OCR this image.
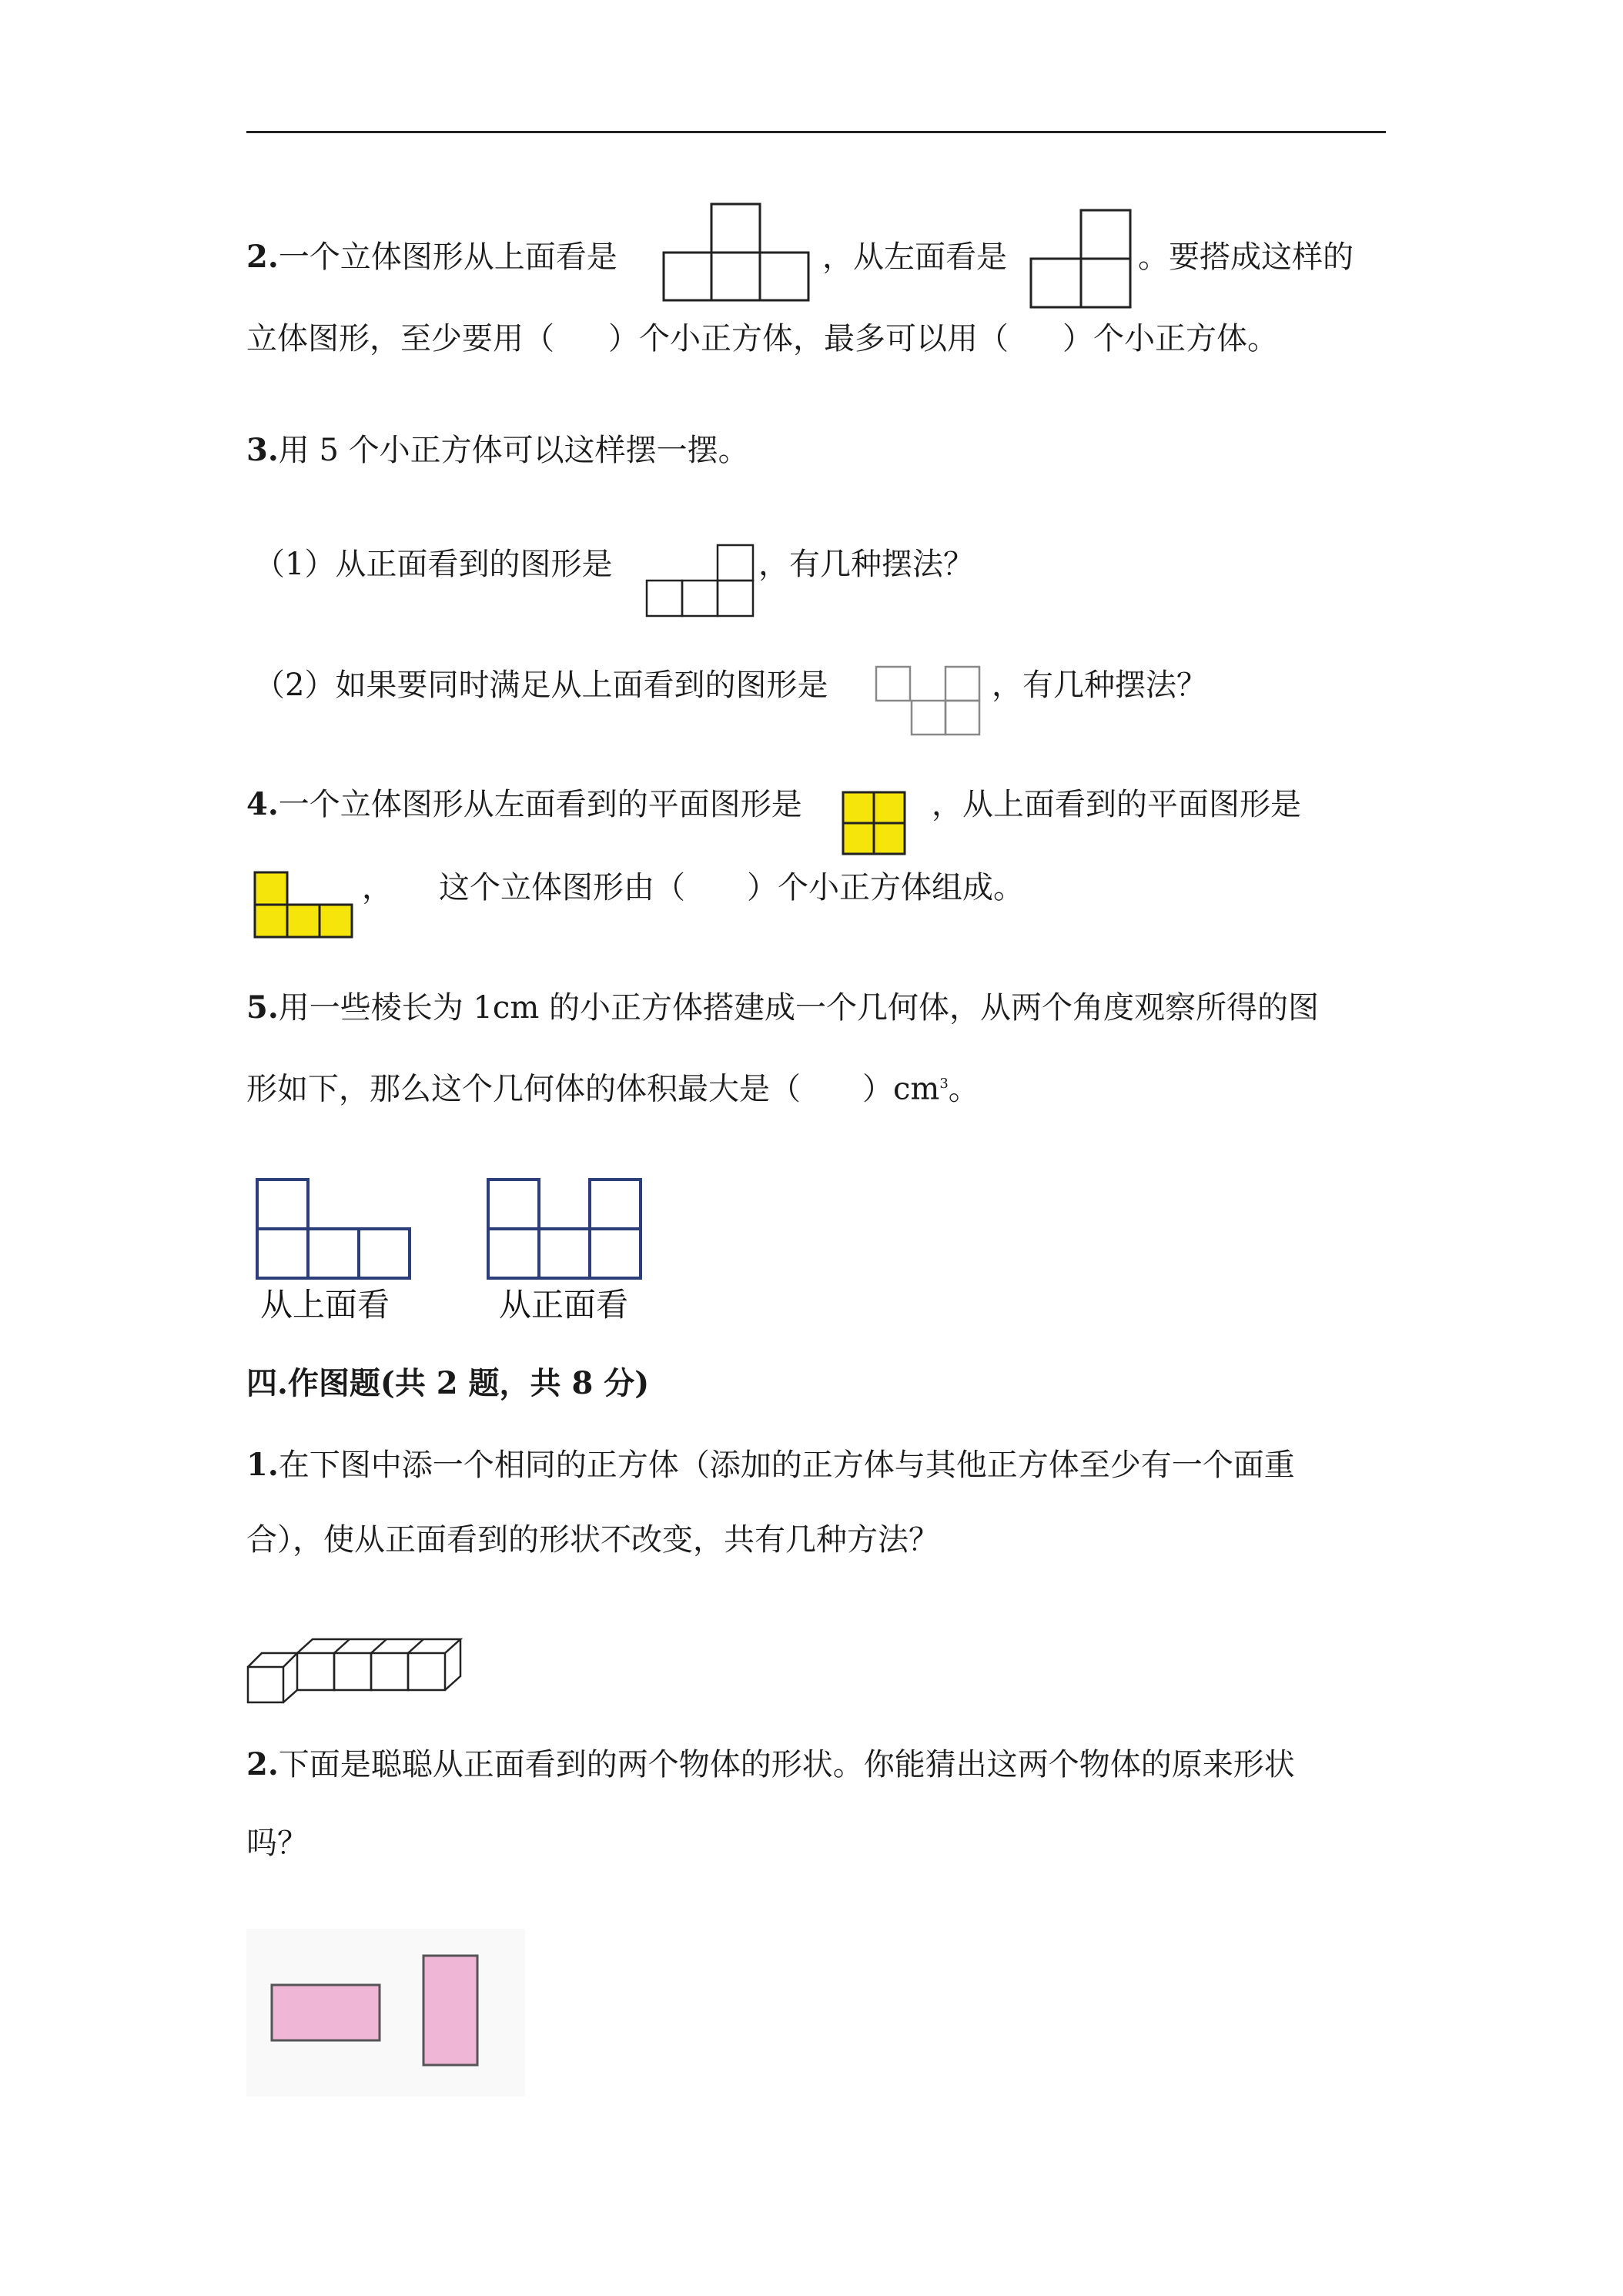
2.一个立体图形从上面看是	，从左面看是	。要搭成这样的
立体图形，至少要用（ ）个小正方体，最多可以用（ ）个小正方体。
3.用 5 个小正方体可以这样摆一摆。
（1）从正面看到的图形是	，有几种摆法？
（2）如果要同时满足从上面看到的图形是	，有几种摆法？
4.一个立体图形从左面看到的平面图形是	，从上面看到的平面图形是
， 这个立体图形由（ ）个小正方体组成。
5.用一些棱长为 1cm 的小正方体搭建成一个几何体，从两个角度观察所得的图
形如下，那么这个几何体的体积最大是（ ）$cm^3$。
从上面看	从正面看
四.作图题(共 2 题，共 8 分)
1.在下图中添一个相同的正方体（添加的正方体与其他正方体至少有一个面重
合），使从正面看到的形状不改变，共有几种方法？
2.下面是聪聪从正面看到的两个物体的形状。你能猜出这两个物体的原来形状
吗？
